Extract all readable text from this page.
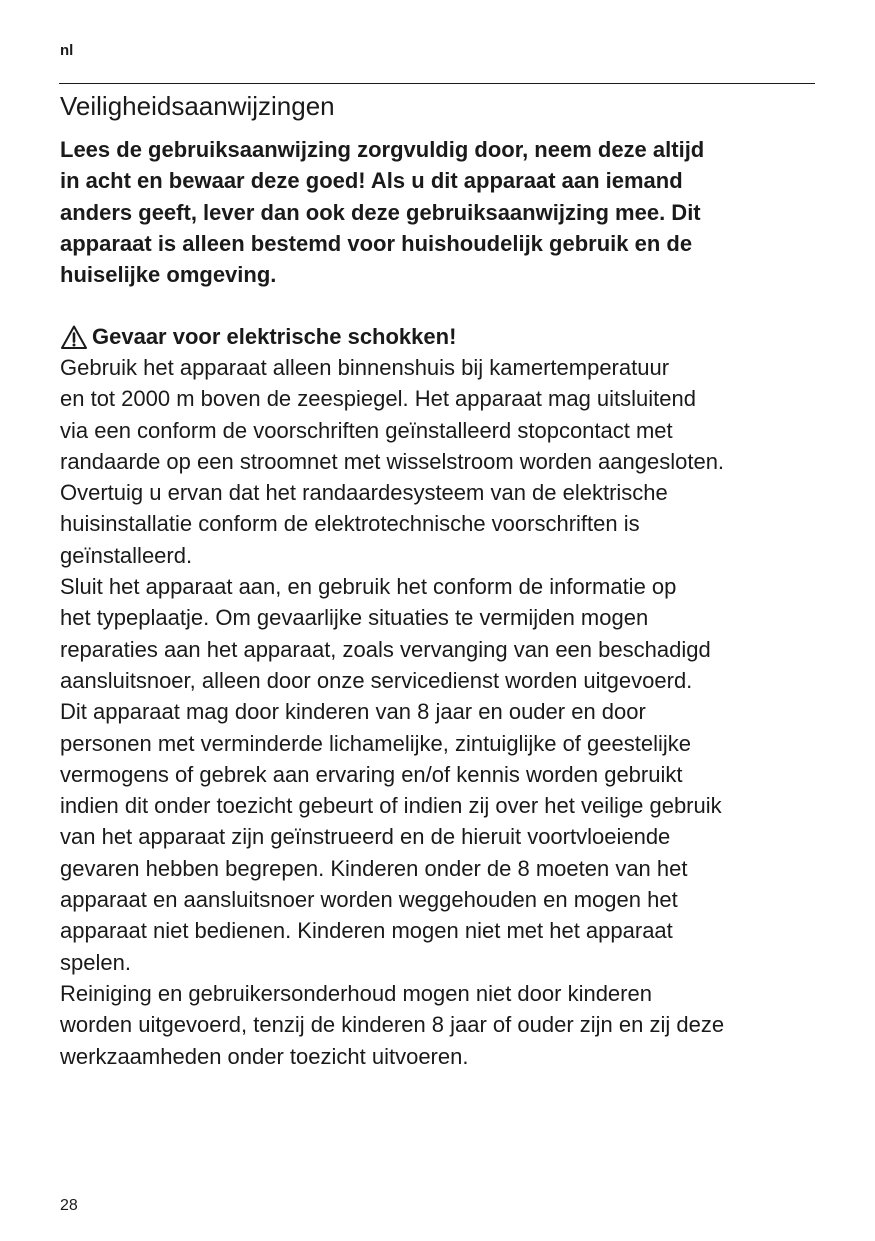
nl
Veiligheidsaanwijzingen
Lees de gebruiksaanwijzing zorgvuldig door, neem deze altijd
in acht en bewaar deze goed! Als u dit apparaat aan iemand
anders geeft, lever dan ook deze gebruiksaanwijzing mee. Dit
apparaat is alleen bestemd voor huishoudelijk gebruik en de
huiselijke omgeving.
Gevaar voor elektrische schokken!
Gebruik het apparaat alleen binnenshuis bij kamertemperatuur
en tot 2000 m boven de zeespiegel. Het apparaat mag uitsluitend
via een conform de voorschriften geïnstalleerd stopcontact met
randaarde op een stroomnet met wisselstroom worden aangesloten.
Overtuig u ervan dat het randaardesysteem van de elektrische
huisinstallatie conform de elektrotechnische voorschriften is
geïnstalleerd.
Sluit het apparaat aan, en gebruik het conform de informatie op
het typeplaatje. Om gevaarlijke situaties te vermijden mogen
reparaties aan het apparaat, zoals vervanging van een beschadigd
aansluitsnoer, alleen door onze servicedienst worden uitgevoerd.
Dit apparaat mag door kinderen van 8 jaar en ouder en door
personen met verminderde lichamelijke, zintuiglijke of geestelijke
vermogens of gebrek aan ervaring en/of kennis worden gebruikt
indien dit onder toezicht gebeurt of indien zij over het veilige gebruik
van het apparaat zijn geïnstrueerd en de hieruit voortvloeiende
gevaren hebben begrepen. Kinderen onder de 8 moeten van het
apparaat en aansluitsnoer worden weggehouden en mogen het
apparaat niet bedienen. Kinderen mogen niet met het apparaat
spelen.
Reiniging en gebruikersonderhoud mogen niet door kinderen
worden uitgevoerd, tenzij de kinderen 8 jaar of ouder zijn en zij deze
werkzaamheden onder toezicht uitvoeren.
28
